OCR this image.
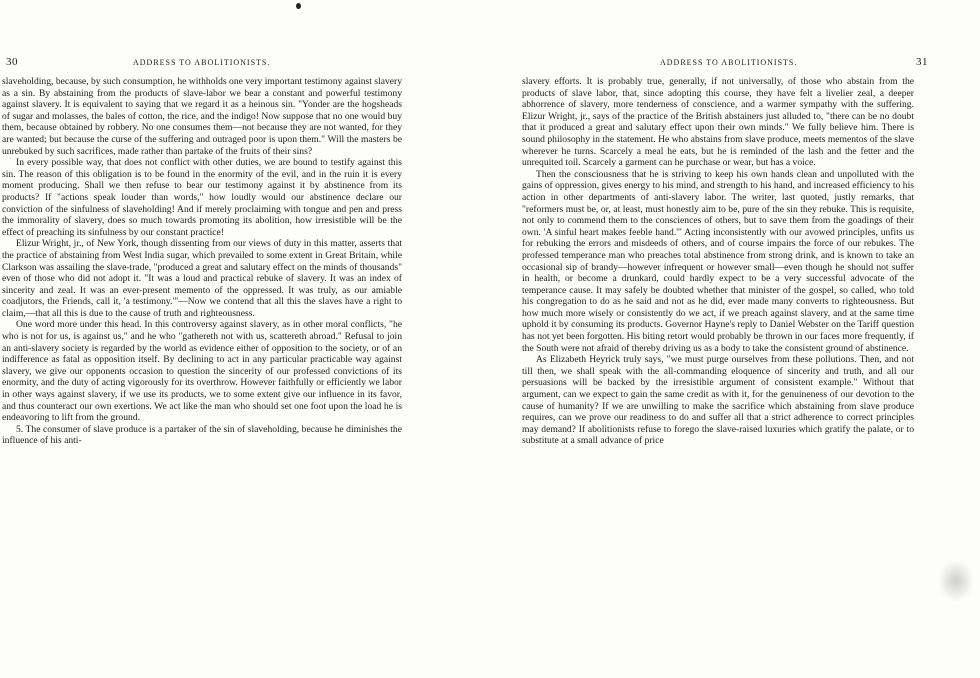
30	ADDRESS TO ABOLITIONISTS.

slaveholding, because, by such consumption, he withholds one very important testimony against slavery as a sin. By abstaining from the products of slave-labor we bear a constant and powerful testimony against slavery. It is equivalent to saying that we regard it as a heinous sin. "Yonder are the hogsheads of sugar and molasses, the bales of cotton, the rice, and the indigo! Now suppose that no one would buy them, because obtained by robbery. No one consumes them—not because they are not wanted, for they are wanted; but because the curse of the suffering and outraged poor is upon them." Will the masters be unrebuked by such sacrifices, made rather than partake of the fruits of their sins?

In every possible way, that does not conflict with other duties, we are bound to testify against this sin. The reason of this obligation is to be found in the enormity of the evil, and in the ruin it is every moment producing. Shall we then refuse to bear our testimony against it by abstinence from its products? If "actions speak louder than words," how loudly would our abstinence declare our conviction of the sinfulness of slaveholding! And if merely proclaiming with tongue and pen and press the immorality of slavery, does so much towards promoting its abolition, how irresistible will be the effect of preaching its sinfulness by our constant practice!

Elizur Wright, jr., of New York, though dissenting from our views of duty in this matter, asserts that the practice of abstaining from West India sugar, which prevailed to some extent in Great Britain, while Clarkson was assailing the slave-trade, "produced a great and salutary effect on the minds of thousands" even of those who did not adopt it. "It was a loud and practical rebuke of slavery. It was an index of sincerity and zeal. It was an ever-present memento of the oppressed. It was truly, as our amiable coadjutors, the Friends, call it, 'a testimony.'"—Now we contend that all this the slaves have a right to claim,—that all this is due to the cause of truth and righteousness.

One word more under this head. In this controversy against slavery, as in other moral conflicts, "he who is not for us, is against us," and he who "gathereth not with us, scattereth abroad." Refusal to join an anti-slavery society is regarded by the world as evidence either of opposition to the society, or of an indifference as fatal as opposition itself. By declining to act in any particular practicable way against slavery, we give our opponents occasion to question the sincerity of our professed convictions of its enormity, and the duty of acting vigorously for its overthrow. However faithfully or efficiently we labor in other ways against slavery, if we use its products, we to some extent give our influence in its favor, and thus counteract our own exertions. We act like the man who should set one foot upon the load he is endeavoring to lift from the ground.

5. The consumer of slave produce is a partaker of the sin of slaveholding, because he diminishes the influence of his anti-

ADDRESS TO ABOLITIONISTS.	31

slavery efforts. It is probably true, generally, if not universally, of those who abstain from the products of slave labor, that, since adopting this course, they have felt a livelier zeal, a deeper abhorrence of slavery, more tenderness of conscience, and a warmer sympathy with the suffering. Elizur Wright, jr., says of the practice of the British abstainers just alluded to, "there can be no doubt that it produced a great and salutary effect upon their own minds." We fully believe him. There is sound philosophy in the statement. He who abstains from slave produce, meets mementos of the slave wherever he turns. Scarcely a meal he eats, but he is reminded of the lash and the fetter and the unrequited toil. Scarcely a garment can he purchase or wear, but has a voice.

Then the consciousness that he is striving to keep his own hands clean and unpolluted with the gains of oppression, gives energy to his mind, and strength to his hand, and increased efficiency to his action in other departments of anti-slavery labor. The writer, last quoted, justly remarks, that "reformers must be, or, at least, must honestly aim to be, pure of the sin they rebuke. This is requisite, not only to commend them to the consciences of others, but to save them from the goadings of their own. 'A sinful heart makes feeble hand.'" Acting inconsistently with our avowed principles, unfits us for rebuking the errors and misdeeds of others, and of course impairs the force of our rebukes. The professed temperance man who preaches total abstinence from strong drink, and is known to take an occasional sip of brandy—however infrequent or however small—even though he should not suffer in health, or become a drunkard, could hardly expect to be a very successful advocate of the temperance cause. It may safely be doubted whether that minister of the gospel, so called, who told his congregation to do as he said and not as he did, ever made many converts to righteousness. But how much more wisely or consistently do we act, if we preach against slavery, and at the same time uphold it by consuming its products. Governor Hayne's reply to Daniel Webster on the Tariff question has not yet been forgotten. His biting retort would probably be thrown in our faces more frequently, if the South were not afraid of thereby driving us as a body to take the consistent ground of abstinence.

As Elizabeth Heyrick truly says, "we must purge ourselves from these pollutions. Then, and not till then, we shall speak with the all-commanding eloquence of sincerity and truth, and all our persuasions will be backed by the irresistible argument of consistent example." Without that argument, can we expect to gain the same credit as with it, for the genuineness of our devotion to the cause of humanity? If we are unwilling to make the sacrifice which abstaining from slave produce requires, can we prove our readiness to do and suffer all that a strict adherence to correct principles may demand? If abolitionists refuse to forego the slave-raised luxuries which gratify the palate, or to substitute at a small advance of price
